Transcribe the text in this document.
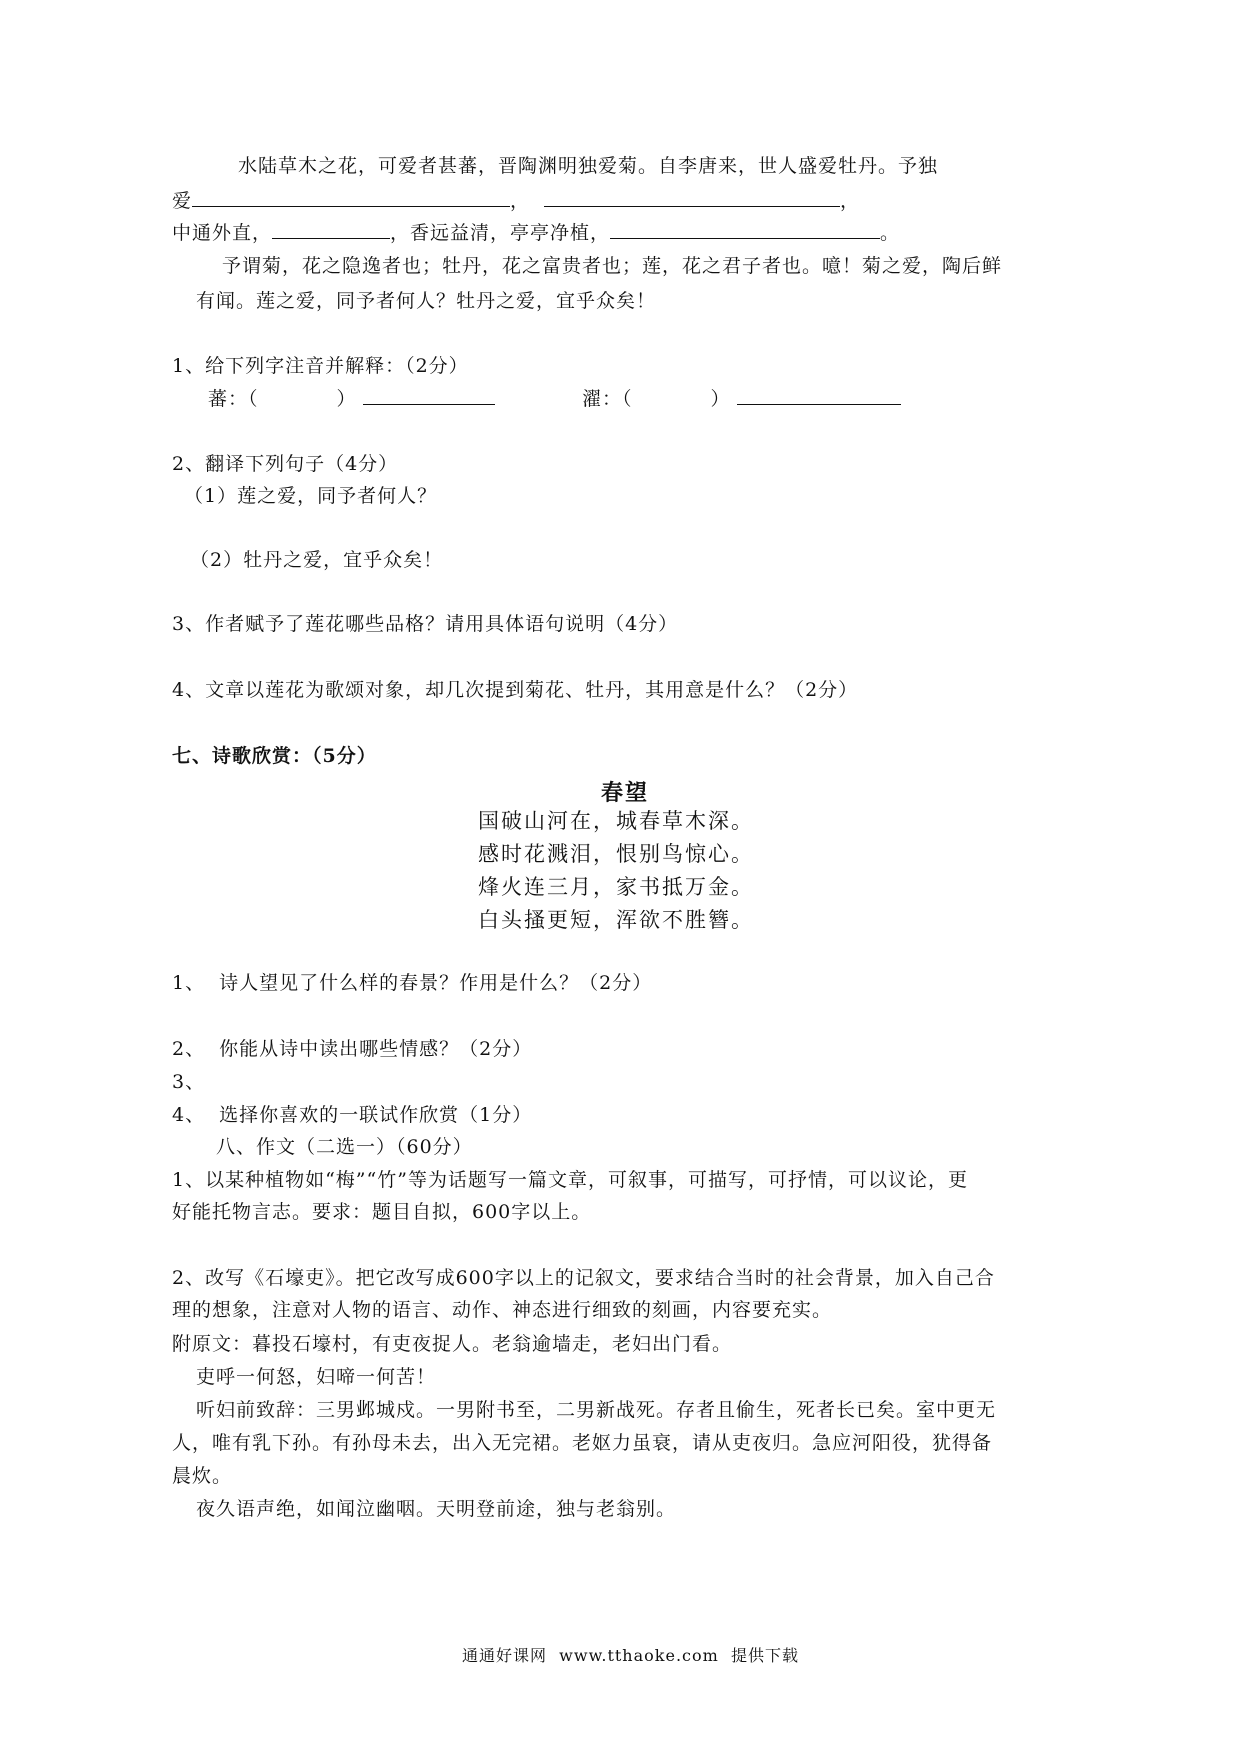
水陆草木之花，可爱者甚蕃，晋陶渊明独爱菊。自李唐来，世人盛爱牡丹。予独
爱	，	，
中通外直，	，香远益清，亭亭净植，	。
予谓菊，花之隐逸者也；牡丹，花之富贵者也；莲，花之君子者也。噫！菊之爱，陶后鲜
有闻。莲之爱，同予者何人？牡丹之爱，宜乎众矣！
1、给下列字注音并解释：（2分）
蕃：（	）	濯：（	）
2、翻译下列句子（4分）
（1）莲之爱，同予者何人？
（2）牡丹之爱，宜乎众矣！
3、作者赋予了莲花哪些品格？请用具体语句说明（4分）
4、文章以莲花为歌颂对象，却几次提到菊花、牡丹，其用意是什么？（2分）
七、诗歌欣赏：（5分）
春望
国破山河在，城春草木深。
感时花溅泪，恨别鸟惊心。
烽火连三月，家书抵万金。
白头搔更短，浑欲不胜簪。
1、  诗人望见了什么样的春景？作用是什么？（2分）
2、  你能从诗中读出哪些情感？（2分）
3、
4、  选择你喜欢的一联试作欣赏（1分）
八、作文（二选一）（60分）
1、以某种植物如“梅”“竹”等为话题写一篇文章，可叙事，可描写，可抒情，可以议论，更
好能托物言志。要求：题目自拟，600字以上。
2、改写《石壕吏》。把它改写成600字以上的记叙文，要求结合当时的社会背景，加入自己合
理的想象，注意对人物的语言、动作、神态进行细致的刻画，内容要充实。
附原文：暮投石壕村，有吏夜捉人。老翁逾墙走，老妇出门看。
吏呼一何怒，妇啼一何苦！
听妇前致辞：三男邺城戍。一男附书至，二男新战死。存者且偷生，死者长已矣。室中更无
人，唯有乳下孙。有孙母未去，出入无完裙。老妪力虽衰，请从吏夜归。急应河阳役，犹得备
晨炊。
夜久语声绝，如闻泣幽咽。天明登前途，独与老翁别。
通通好课网  www.tthaoke.com  提供下载
